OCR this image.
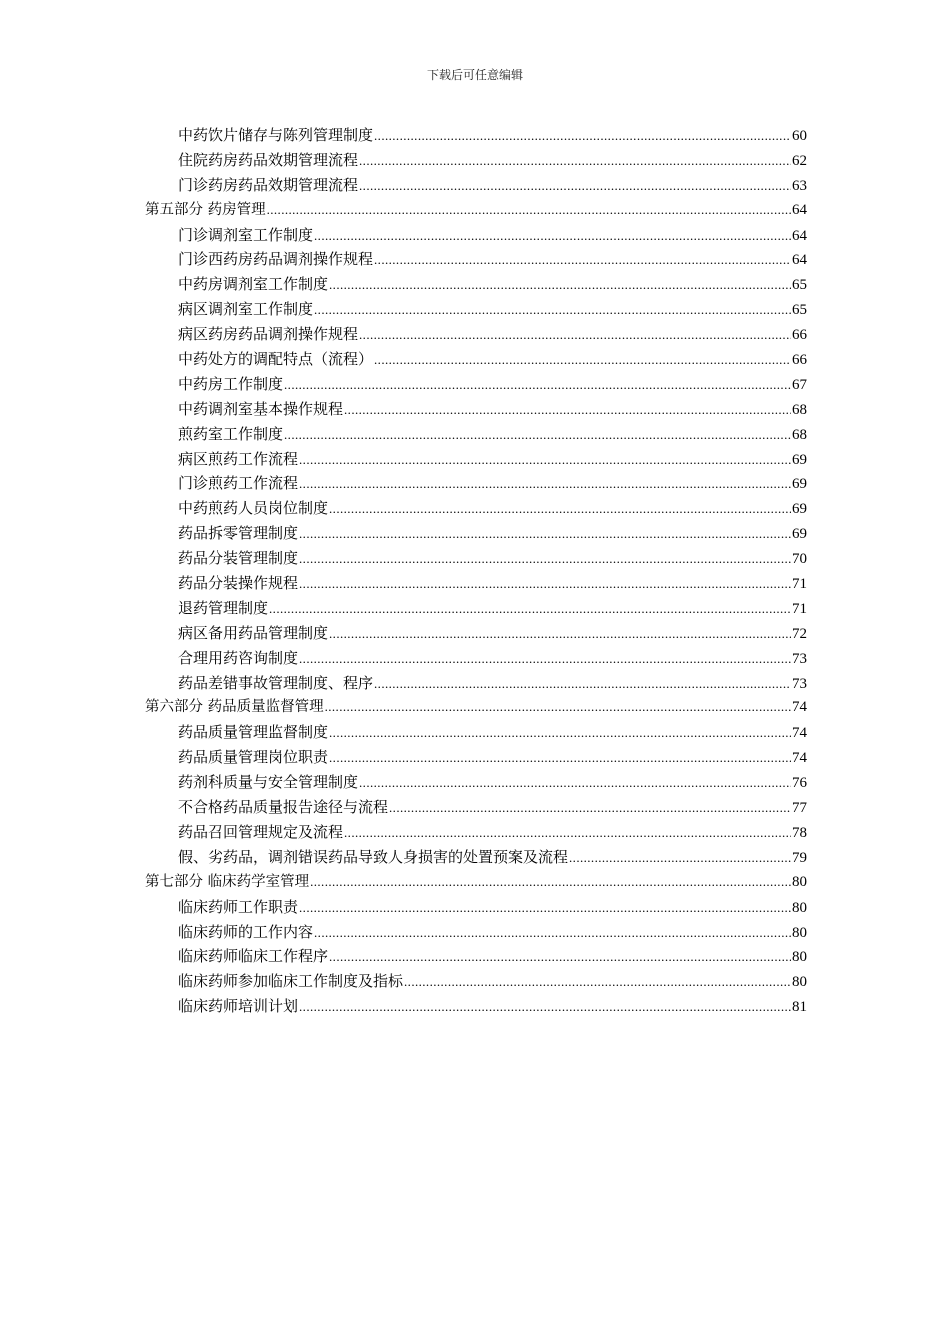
下载后可任意编辑
中药饮片储存与陈列管理制度 .....	60
住院药房药品效期管理流程 .....	62
门诊药房药品效期管理流程 .....	63
第五部分 药房管理 .....	64
门诊调剂室工作制度 .....	64
门诊西药房药品调剂操作规程 .....	64
中药房调剂室工作制度 .....	65
病区调剂室工作制度 .....	65
病区药房药品调剂操作规程 .....	66
中药处方的调配特点（流程） .....	66
中药房工作制度 .....	67
中药调剂室基本操作规程 .....	68
煎药室工作制度 .....	68
病区煎药工作流程 .....	69
门诊煎药工作流程 .....	69
中药煎药人员岗位制度 .....	69
药品拆零管理制度 .....	69
药品分装管理制度 .....	70
药品分装操作规程 .....	71
退药管理制度 .....	71
病区备用药品管理制度 .....	72
合理用药咨询制度 .....	73
药品差错事故管理制度、程序 .....	73
第六部分 药品质量监督管理 .....	74
药品质量管理监督制度 .....	74
药品质量管理岗位职责 .....	74
药剂科质量与安全管理制度 .....	76
不合格药品质量报告途径与流程 .....	77
药品召回管理规定及流程 .....	78
假、劣药品，调剂错误药品导致人身损害的处置预案及流程 .....	79
第七部分 临床药学室管理 .....	80
临床药师工作职责 .....	80
临床药师的工作内容 .....	80
临床药师临床工作程序 .....	80
临床药师参加临床工作制度及指标 .....	80
临床药师培训计划 .....	81
